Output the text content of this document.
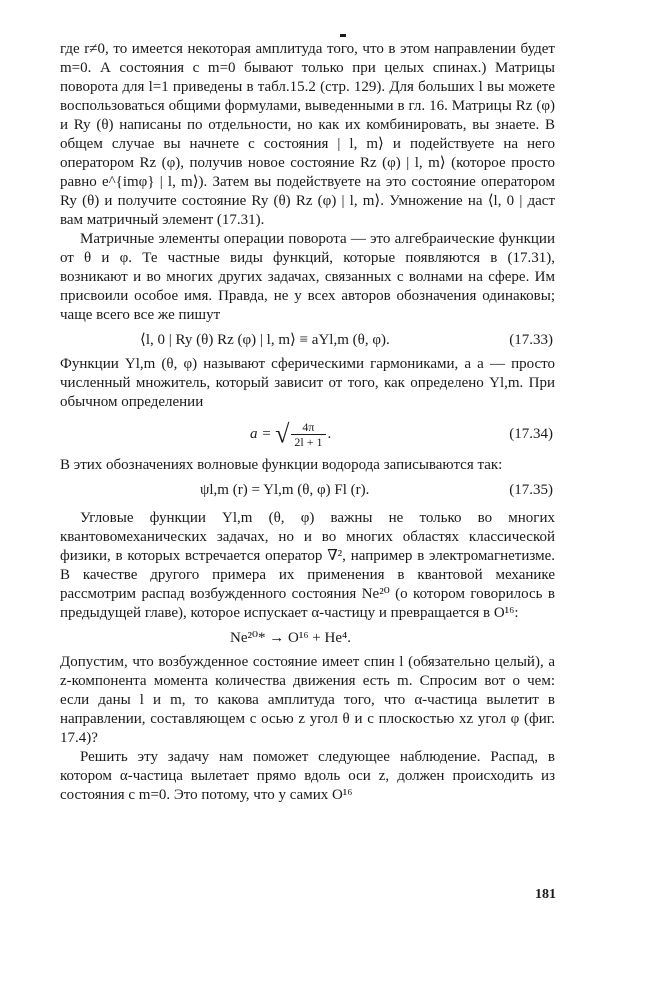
где r≠0, то имеется некоторая амплитуда того, что в этом направлении будет m=0. А состояния с m=0 бывают только при целых спинах.) Матрицы поворота для l=1 приведены в табл.15.2 (стр. 129). Для больших l вы можете воспользоваться общими формулами, выведенными в гл. 16. Матрицы Rz (φ) и Ry (θ) написаны по отдельности, но как их комбинировать, вы знаете. В общем случае вы начнете с состояния | l, m⟩ и подействуете на него оператором Rz (φ), получив новое состояние Rz (φ) | l, m⟩ (которое просто равно e^{imφ} | l, m⟩). Затем вы подействуете на это состояние оператором Ry (θ) и получите состояние Ry (θ) Rz (φ) | l, m⟩. Умножение на ⟨l, 0 | даст вам матричный элемент (17.31).

Матричные элементы операции поворота — это алгебраические функции от θ и φ. Те частные виды функций, которые появляются в (17.31), возникают и во многих других задачах, связанных с волнами на сфере. Им присвоили особое имя. Правда, не у всех авторов обозначения одинаковы; чаще всего все же пишут

⟨l, 0 | Ry (θ) Rz (φ) | l, m⟩ ≡ aYl,m (θ, φ).	(17.33)

Функции Yl,m (θ, φ) называют сферическими гармониками, а a — просто численный множитель, который зависит от того, как определено Yl,m. При обычном определении

a = √ $\frac{4\pi}{2l + 1}$ .	(17.34)

В этих обозначениях волновые функции водорода записываются так:

ψl,m (r) = Yl,m (θ, φ) Fl (r).	(17.35)

Угловые функции Yl,m (θ, φ) важны не только во многих квантовомеханических задачах, но и во многих областях классической физики, в которых встречается оператор ∇², например в электромагнетизме. В качестве другого примера их применения в квантовой механике рассмотрим распад возбужденного состояния Ne²⁰ (о котором говорилось в предыдущей главе), которое испускает α-частицу и превращается в O¹⁶:

Ne²⁰* → O¹⁶ + He⁴.

Допустим, что возбужденное состояние имеет спин l (обязательно целый), а z-компонента момента количества движения есть m. Спросим вот о чем: если даны l и m, то какова амплитуда того, что α-частица вылетит в направлении, составляющем с осью z угол θ и с плоскостью xz угол φ (фиг. 17.4)?

Решить эту задачу нам поможет следующее наблюдение. Распад, в котором α-частица вылетает прямо вдоль оси z, должен происходить из состояния с m=0. Это потому, что у самих O¹⁶

181
